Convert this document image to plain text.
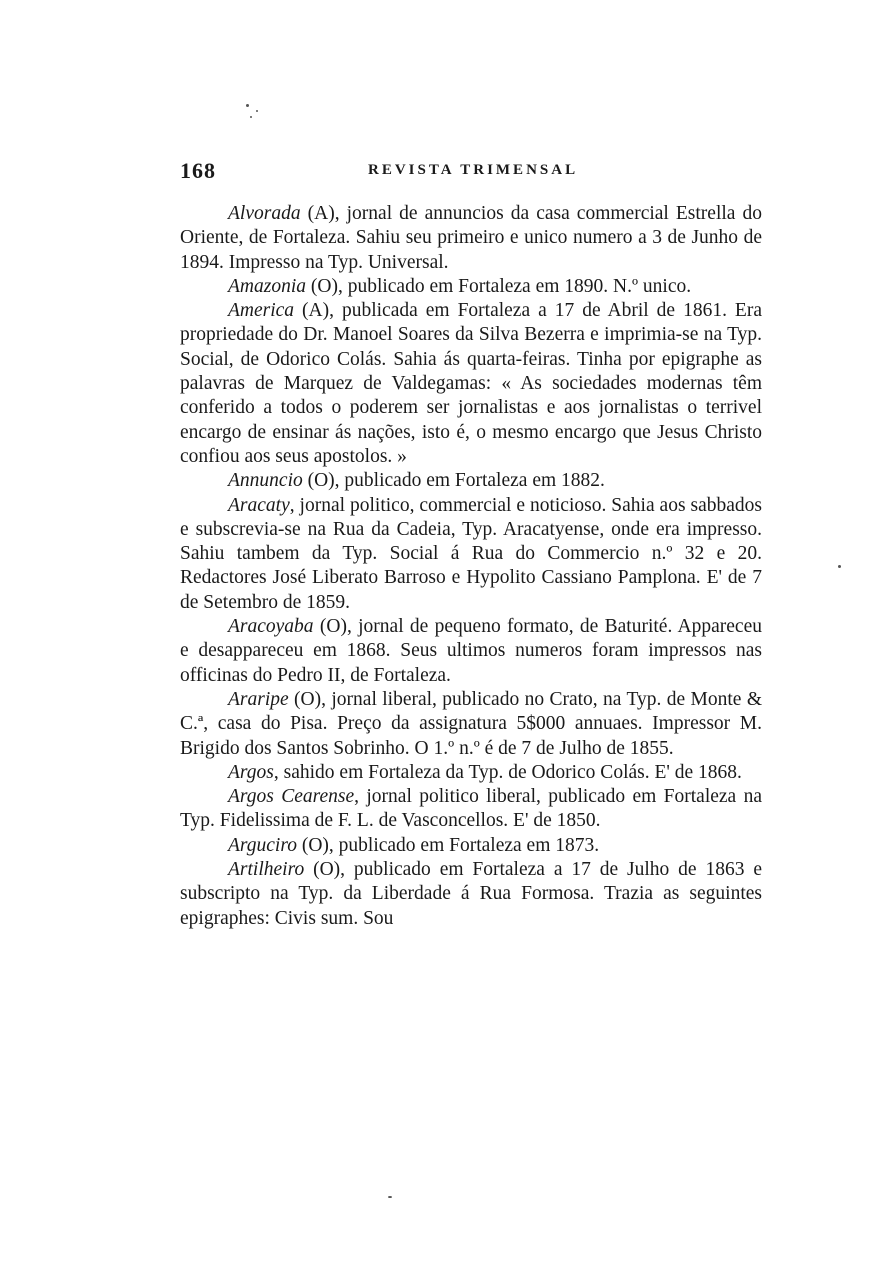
168	REVISTA TRIMENSAL

Alvorada (A), jornal de annuncios da casa commercial Estrella do Oriente, de Fortaleza. Sahiu seu primeiro e unico numero a 3 de Junho de 1894. Impresso na Typ. Universal.

Amazonia (O), publicado em Fortaleza em 1890. N.º unico.

America (A), publicada em Fortaleza a 17 de Abril de 1861. Era propriedade do Dr. Manoel Soares da Silva Bezerra e imprimia-se na Typ. Social, de Odorico Colás. Sahia ás quarta-feiras. Tinha por epigraphe as palavras de Marquez de Valdegamas: « As sociedades modernas têm conferido a todos o poderem ser jornalistas e aos jornalistas o terrivel encargo de ensinar ás nações, isto é, o mesmo encargo que Jesus Christo confiou aos seus apostolos. »

Annuncio (O), publicado em Fortaleza em 1882.

Aracaty, jornal politico, commercial e noticioso. Sahia aos sabbados e subscrevia-se na Rua da Cadeia, Typ. Aracatyense, onde era impresso. Sahiu tambem da Typ. Social á Rua do Commercio n.º 32 e 20. Redactores José Liberato Barroso e Hypolito Cassiano Pamplona. E' de 7 de Setembro de 1859.

Aracoyaba (O), jornal de pequeno formato, de Baturité. Appareceu e desappareceu em 1868. Seus ultimos numeros foram impressos nas officinas do Pedro II, de Fortaleza.

Araripe (O), jornal liberal, publicado no Crato, na Typ. de Monte & C.ª, casa do Pisa. Preço da assignatura 5$000 annuaes. Impressor M. Brigido dos Santos Sobrinho. O 1.º n.º é de 7 de Julho de 1855.

Argos, sahido em Fortaleza da Typ. de Odorico Colás. E' de 1868.

Argos Cearense, jornal politico liberal, publicado em Fortaleza na Typ. Fidelissima de F. L. de Vasconcellos. E' de 1850.

Arguciro (O), publicado em Fortaleza em 1873.

Artilheiro (O), publicado em Fortaleza a 17 de Julho de 1863 e subscripto na Typ. da Liberdade á Rua Formosa. Trazia as seguintes epigraphes: Civis sum. Sou
